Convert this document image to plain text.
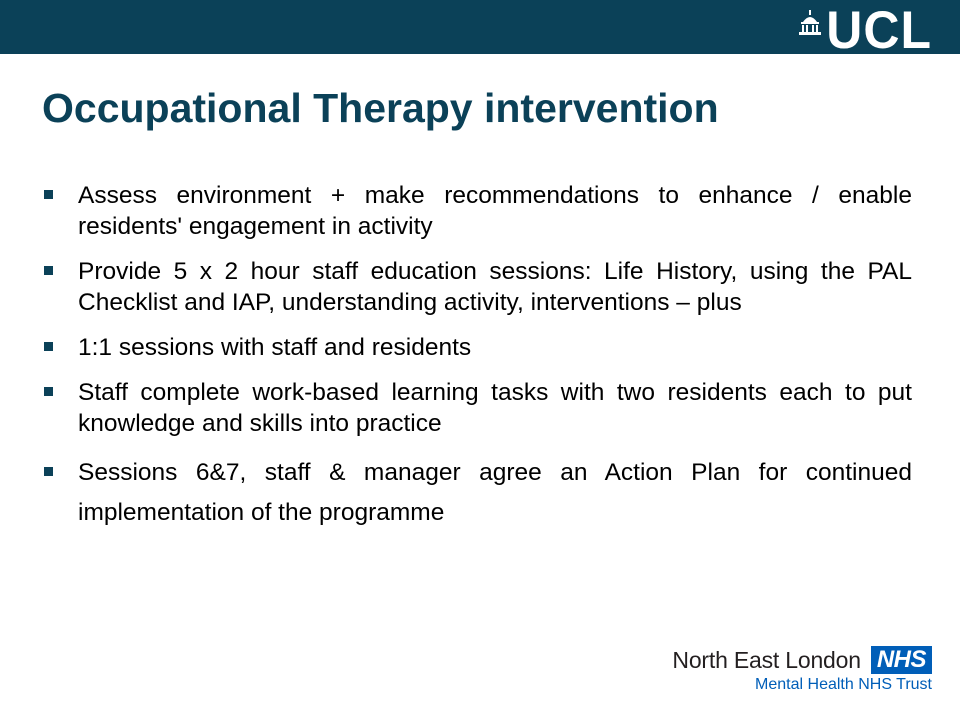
UCL
Occupational Therapy intervention
Assess environment + make recommendations to enhance / enable residents' engagement in activity
Provide 5 x 2 hour staff education sessions: Life History, using the PAL Checklist and IAP, understanding activity, interventions – plus
1:1 sessions with staff and residents
Staff complete work-based learning tasks with two residents each to put knowledge and skills into practice
Sessions 6&7, staff & manager agree an Action Plan for continued implementation of the programme
North East London NHS
Mental Health NHS Trust
